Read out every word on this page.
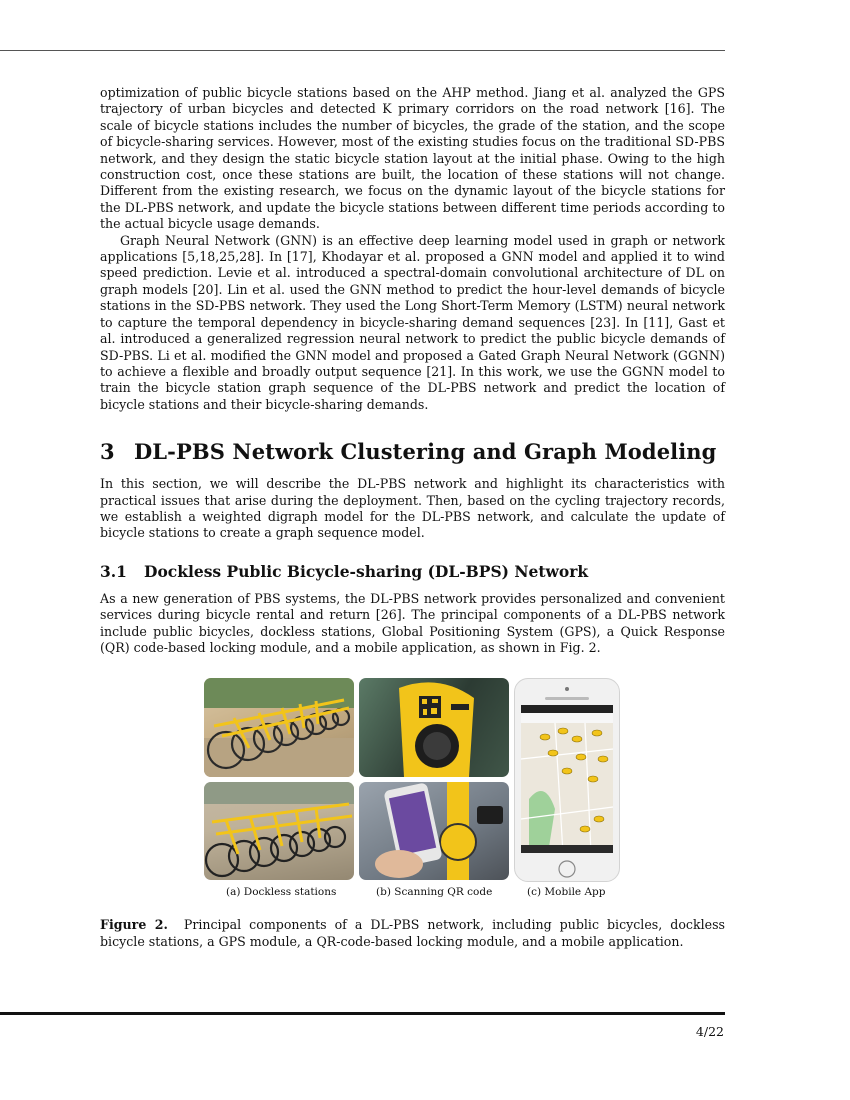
optimization of public bicycle stations based on the AHP method. Jiang et al. analyzed the GPS trajectory of urban bicycles and detected K primary corridors on the road network [16]. The scale of bicycle stations includes the number of bicycles, the grade of the station, and the scope of bicycle-sharing services. However, most of the existing studies focus on the traditional SD-PBS network, and they design the static bicycle station layout at the initial phase. Owing to the high construction cost, once these stations are built, the location of these stations will not change. Different from the existing research, we focus on the dynamic layout of the bicycle stations for the DL-PBS network, and update the bicycle stations between different time periods according to the actual bicycle usage demands.

Graph Neural Network (GNN) is an effective deep learning model used in graph or network applications [5,18,25,28]. In [17], Khodayar et al. proposed a GNN model and applied it to wind speed prediction. Levie et al. introduced a spectral-domain convolutional architecture of DL on graph models [20]. Lin et al. used the GNN method to predict the hour-level demands of bicycle stations in the SD-PBS network. They used the Long Short-Term Memory (LSTM) neural network to capture the temporal dependency in bicycle-sharing demand sequences [23]. In [11], Gast et al. introduced a generalized regression neural network to predict the public bicycle demands of SD-PBS. Li et al. modified the GNN model and proposed a Gated Graph Neural Network (GGNN) to achieve a flexible and broadly output sequence [21]. In this work, we use the GGNN model to train the bicycle station graph sequence of the DL-PBS network and predict the location of bicycle stations and their bicycle-sharing demands.

3 DL-PBS Network Clustering and Graph Modeling

In this section, we will describe the DL-PBS network and highlight its characteristics with practical issues that arise during the deployment. Then, based on the cycling trajectory records, we establish a weighted digraph model for the DL-PBS network, and calculate the update of bicycle stations to create a graph sequence model.

3.1 Dockless Public Bicycle-sharing (DL-BPS) Network

As a new generation of PBS systems, the DL-PBS network provides personalized and convenient services during bicycle rental and return [26]. The principal components of a DL-PBS network include public bicycles, dockless stations, Global Positioning System (GPS), a Quick Response (QR) code-based locking module, and a mobile application, as shown in Fig. 2.

(a) Dockless stations	(b) Scanning QR code	(c) Mobile App

Figure 2. Principal components of a DL-PBS network, including public bicycles, dockless bicycle stations, a GPS module, a QR-code-based locking module, and a mobile application.

4/22
